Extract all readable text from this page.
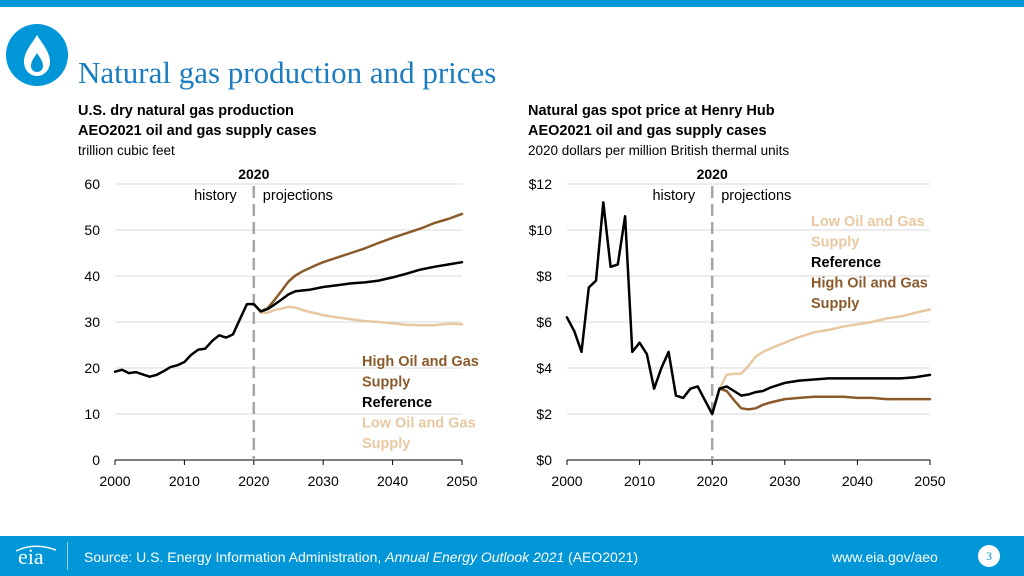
Natural gas production and prices
U.S. dry natural gas production
AEO2021 oil and gas supply cases
trillion cubic feet
Natural gas spot price at Henry Hub
AEO2021 oil and gas supply cases
2020 dollars per million British thermal units
0
10
20
30
40
50
60
2000	2010	2020	2030	2040	2050
2020
history projections
High Oil and Gas
Supply
Reference
Low Oil and Gas
Supply
$0
$2
$4
$6
$8
$10
$12
2000	2010	2020	2030	2040	2050
2020
history projections
Low Oil and Gas
Supply
Reference
High Oil and Gas
Supply
eia	Source: U.S. Energy Information Administration, Annual Energy Outlook 2021 (AEO2021)	www.eia.gov/aeo	3
